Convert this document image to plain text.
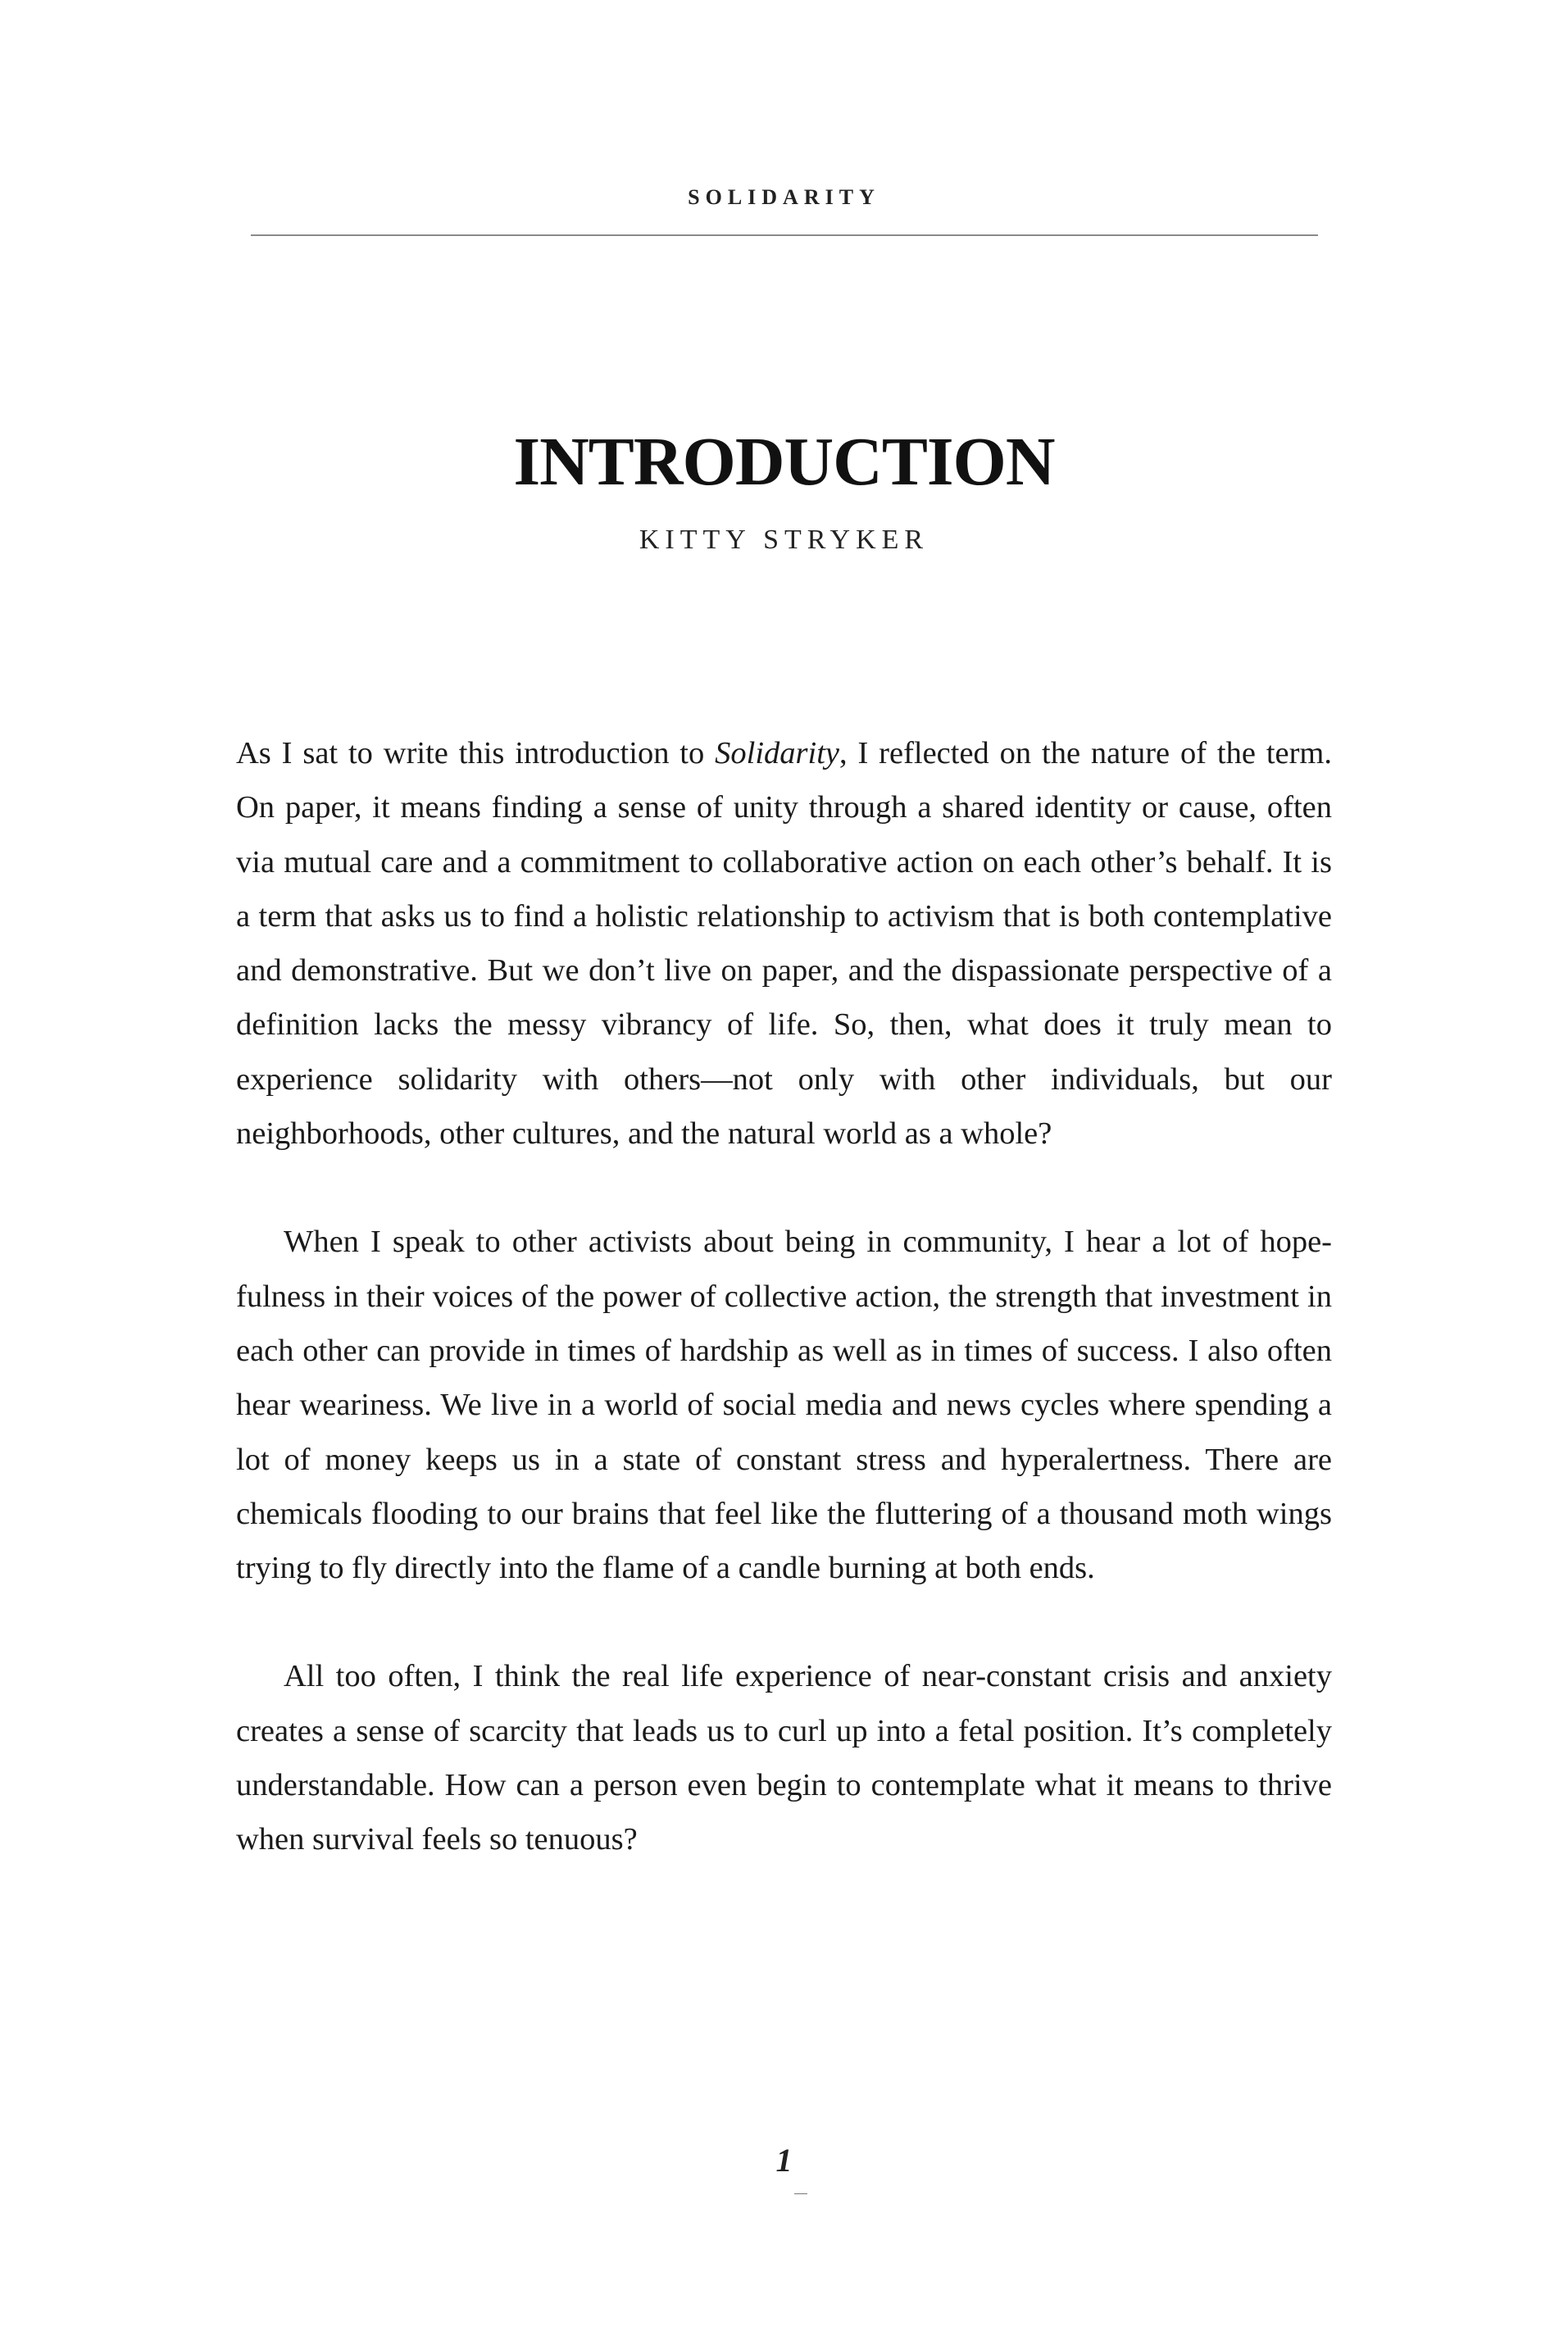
SOLIDARITY
INTRODUCTION
KITTY STRYKER

As I sat to write this introduction to Solidarity, I reflected on the nature of the term. On paper, it means finding a sense of unity through a shared identity or cause, often via mutual care and a commitment to collaborative action on each other’s behalf. It is a term that asks us to find a holistic relationship to activism that is both contemplative and demonstrative. But we don’t live on paper, and the dispassionate perspective of a definition lacks the messy vibrancy of life. So, then, what does it truly mean to experience solidarity with others—not only with other individuals, but our neighborhoods, other cultures, and the natural world as a whole?

When I speak to other activists about being in community, I hear a lot of hope-fulness in their voices of the power of collective action, the strength that investment in each other can provide in times of hardship as well as in times of success. I also often hear weariness. We live in a world of social media and news cycles where spending a lot of money keeps us in a state of constant stress and hyperalertness. There are chemicals flooding to our brains that feel like the fluttering of a thousand moth wings trying to fly directly into the flame of a candle burning at both ends.

All too often, I think the real life experience of near-constant crisis and anxiety creates a sense of scarcity that leads us to curl up into a fetal position. It’s completely understandable. How can a person even begin to contemplate what it means to thrive when survival feels so tenuous?

1
